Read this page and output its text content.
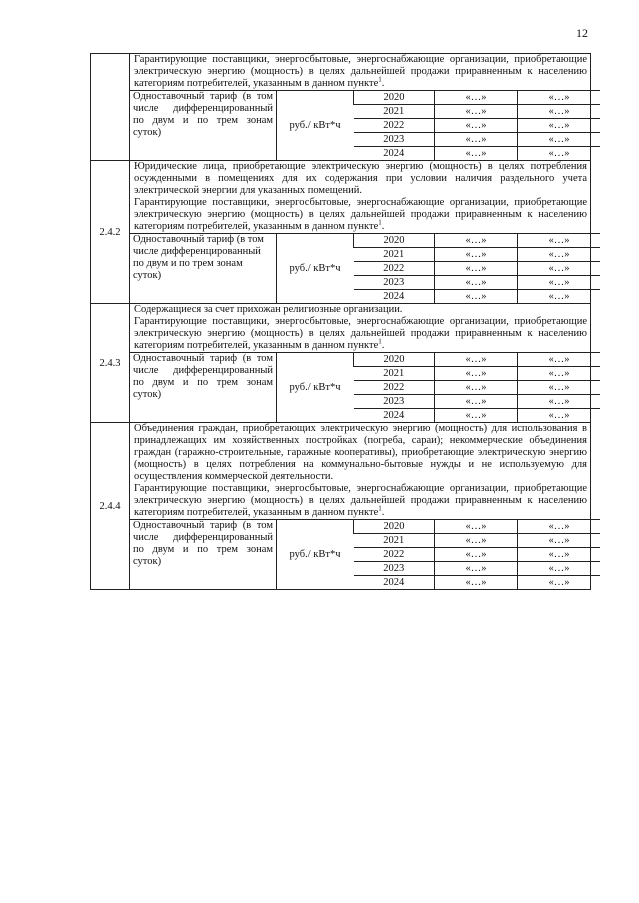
12

Гарантирующие поставщики, энергосбытовые, энергоснабжающие организации, приобретающие электрическую энергию (мощность) в целях дальнейшей продажи приравненным к населению категориям потребителей, указанным в данном пункте$^1$.
Одноставочный тариф (в том числе дифференцированный по двум и по трем зонам суток)	руб./ кВт*ч	2020	«…»	«…»
2021	«…»	«…»
2022	«…»	«…»
2023	«…»	«…»
2024	«…»	«…»

2.4.2	
Юридические лица, приобретающие электрическую энергию (мощность) в целях потребления осужденными в помещениях для их содержания при условии наличия раздельного учета электрической энергии для указанных помещений.
Гарантирующие поставщики, энергосбытовые, энергоснабжающие организации, приобретающие электрическую энергию (мощность) в целях дальнейшей продажи приравненным к населению категориям потребителей, указанным в данном пункте$^1$.
Одноставочный тариф (в том числе дифференцированный по двум и по трем зонам суток)	руб./ кВт*ч	2020	«…»	«…»
2021	«…»	«…»
2022	«…»	«…»
2023	«…»	«…»
2024	«…»	«…»

2.4.3	
Содержащиеся за счет прихожан религиозные организации.
Гарантирующие поставщики, энергосбытовые, энергоснабжающие организации, приобретающие электрическую энергию (мощность) в целях дальнейшей продажи приравненным к населению категориям потребителей, указанным в данном пункте$^1$.
Одноставочный тариф (в том числе дифференцированный по двум и по трем зонам суток)	руб./ кВт*ч	2020	«…»	«…»
2021	«…»	«…»
2022	«…»	«…»
2023	«…»	«…»
2024	«…»	«…»

2.4.4	
Объединения граждан, приобретающих электрическую энергию (мощность) для использования в принадлежащих им хозяйственных постройках (погреба, сараи); некоммерческие объединения граждан (гаражно-строительные, гаражные кооперативы), приобретающие электрическую энергию (мощность) в целях потребления на коммунально-бытовые нужды и не используемую для осуществления коммерческой деятельности.
Гарантирующие поставщики, энергосбытовые, энергоснабжающие организации, приобретающие электрическую энергию (мощность) в целях дальнейшей продажи приравненным к населению категориям потребителей, указанным в данном пункте$^1$.
Одноставочный тариф (в том числе дифференцированный по двум и по трем зонам суток)	руб./ кВт*ч	2020	«…»	«…»
2021	«…»	«…»
2022	«…»	«…»
2023	«…»	«…»
2024	«…»	«…»
